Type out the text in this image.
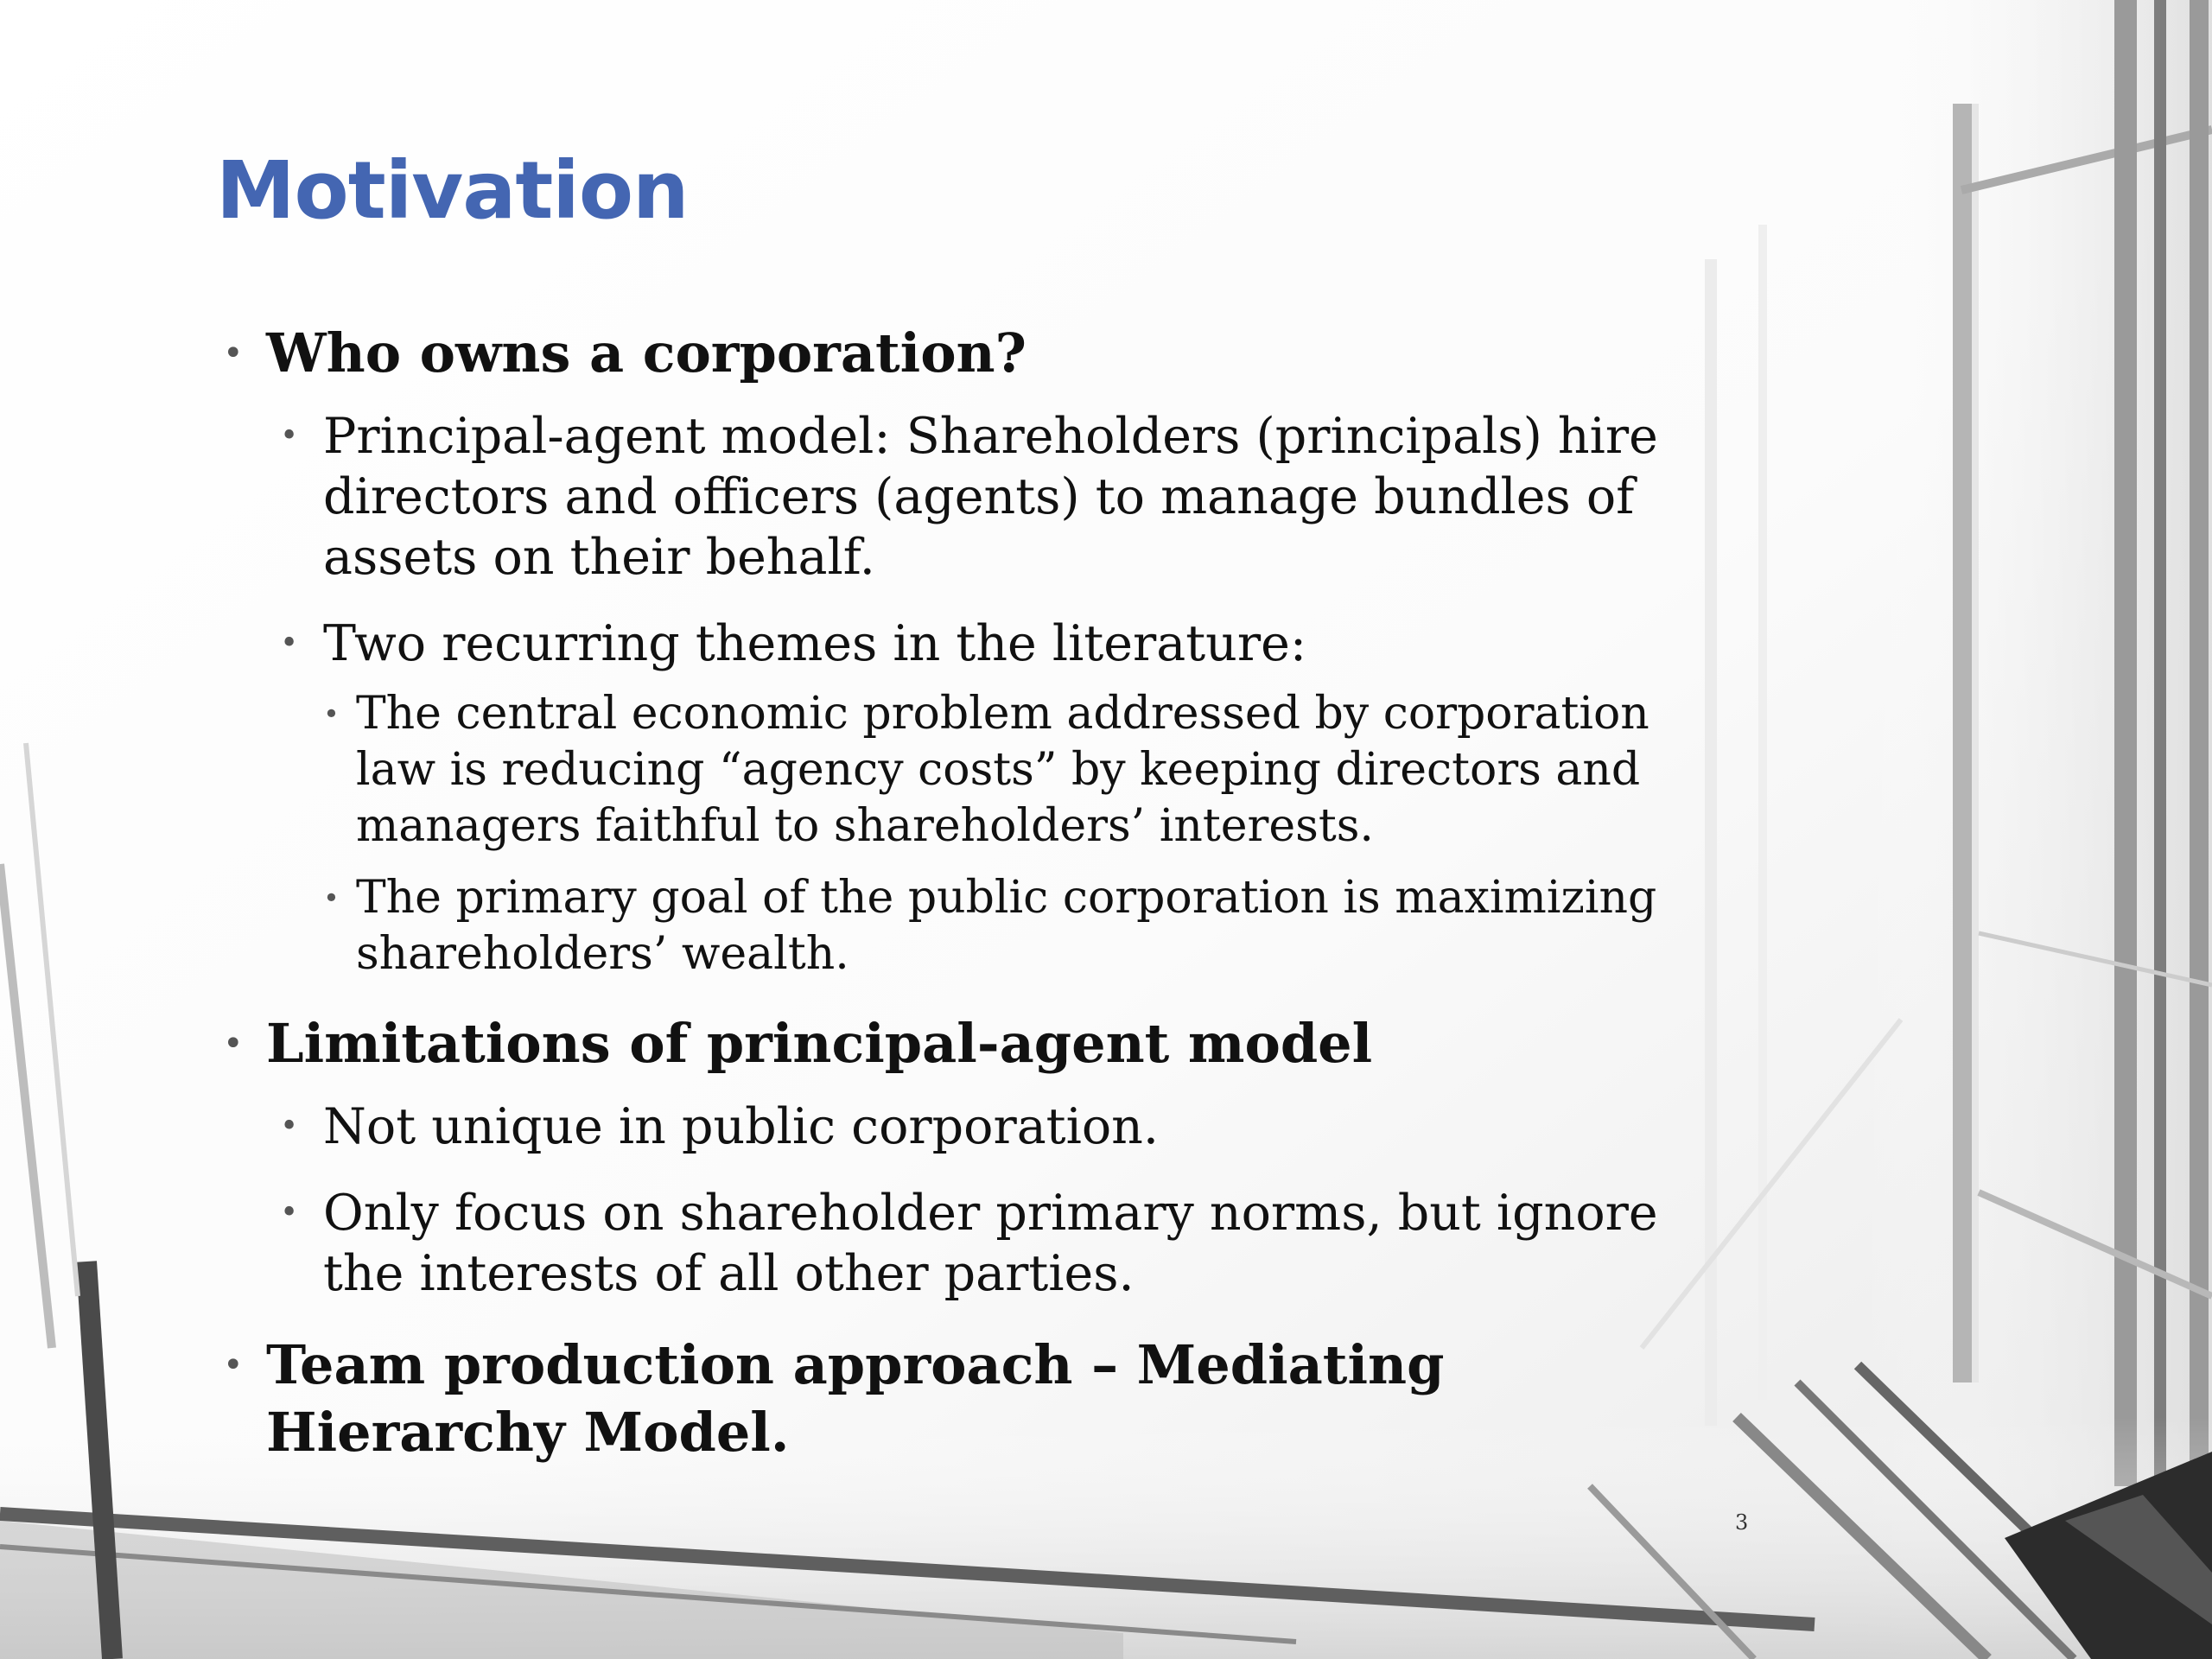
Motivation
• Who owns a corporation?
• Principal-agent model: Shareholders (principals) hire directors and officers (agents) to manage bundles of assets on their behalf.
• Two recurring themes in the literature:
• The central economic problem addressed by corporation law is reducing “agency costs” by keeping directors and managers faithful to shareholders’ interests.
• The primary goal of the public corporation is maximizing shareholders’ wealth.
• Limitations of principal-agent model
• Not unique in public corporation.
• Only focus on shareholder primary norms, but ignore the interests of all other parties.
• Team production approach – Mediating Hierarchy Model.
3
